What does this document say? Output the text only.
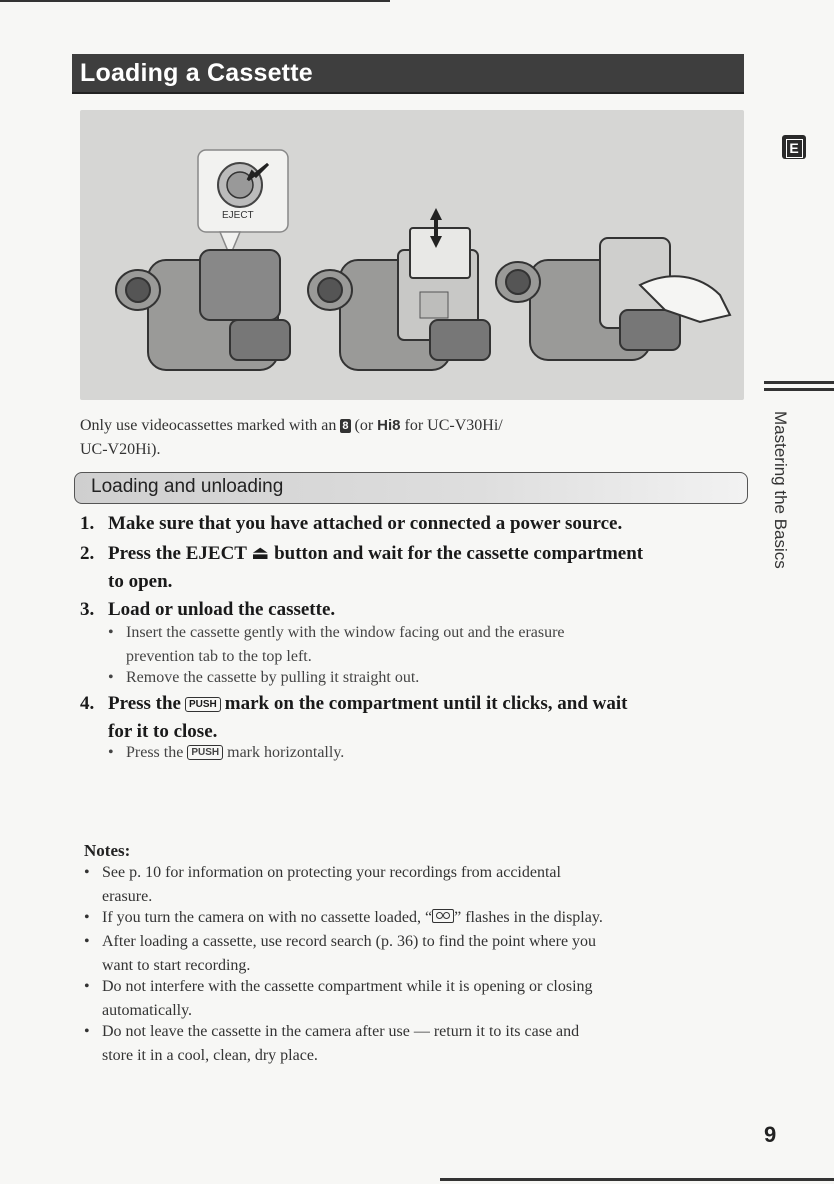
Loading a Cassette
E
Mastering the Basics
EJECT
Only use videocassettes marked with an 8 (or Hi8 for UC-V30Hi/
UC-V20Hi).
Loading and unloading
1. Make sure that you have attached or connected a power source.
2. Press the EJECT ⏏ button and wait for the cassette compartment
to open.
3. Load or unload the cassette.
• Insert the cassette gently with the window facing out and the erasure
prevention tab to the top left.
• Remove the cassette by pulling it straight out.
4. Press the PUSH mark on the compartment until it clicks, and wait
for it to close.
• Press the PUSH mark horizontally.
Notes:
• See p. 10 for information on protecting your recordings from accidental
erasure.
• If you turn the camera on with no cassette loaded, “ ” flashes in the display.
• After loading a cassette, use record search (p. 36) to find the point where you
want to start recording.
• Do not interfere with the cassette compartment while it is opening or closing
automatically.
• Do not leave the cassette in the camera after use — return it to its case and
store it in a cool, clean, dry place.
9
